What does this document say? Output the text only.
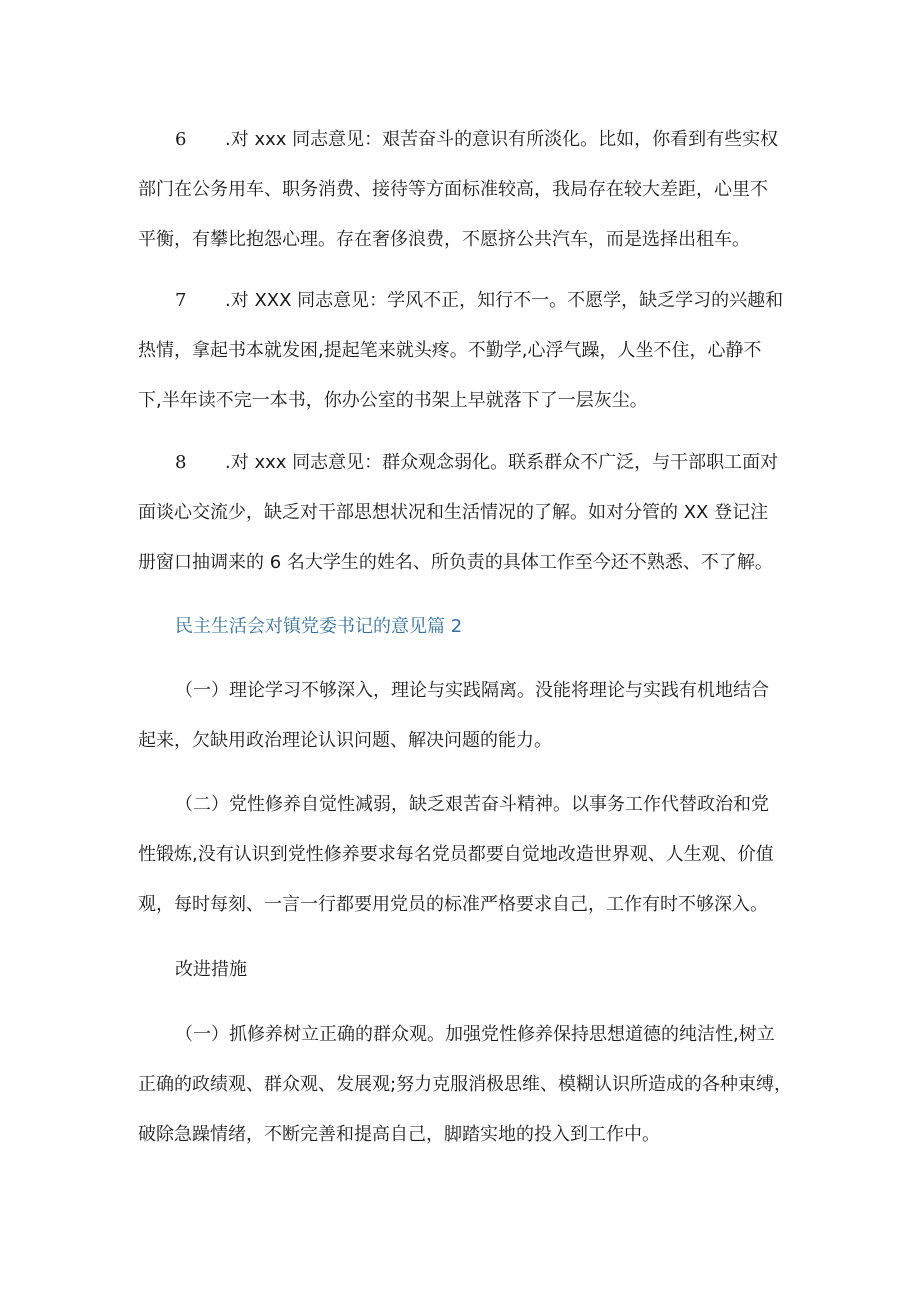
6 .对 xxx 同志意见：艰苦奋斗的意识有所淡化。比如，你看到有些实权
部门在公务用车、职务消费、接待等方面标准较高，我局存在较大差距，心里不
平衡，有攀比抱怨心理。存在奢侈浪费，不愿挤公共汽车，而是选择出租车。
7 .对 XXX 同志意见：学风不正，知行不一。不愿学，缺乏学习的兴趣和
热情，拿起书本就发困,提起笔来就头疼。不勤学,心浮气躁，人坐不住，心静不
下,半年读不完一本书，你办公室的书架上早就落下了一层灰尘。
8 .对 xxx 同志意见：群众观念弱化。联系群众不广泛，与干部职工面对
面谈心交流少，缺乏对干部思想状况和生活情况的了解。如对分管的 XX 登记注
册窗口抽调来的 6 名大学生的姓名、所负责的具体工作至今还不熟悉、不了解。

民主生活会对镇党委书记的意见篇 2

（一）理论学习不够深入，理论与实践隔离。没能将理论与实践有机地结合
起来，欠缺用政治理论认识问题、解决问题的能力。
（二）党性修养自觉性减弱，缺乏艰苦奋斗精神。以事务工作代替政治和党
性锻炼,没有认识到党性修养要求每名党员都要自觉地改造世界观、人生观、价值
观，每时每刻、一言一行都要用党员的标准严格要求自己，工作有时不够深入。

改进措施

（一）抓修养树立正确的群众观。加强党性修养保持思想道德的纯洁性,树立
正确的政绩观、群众观、发展观;努力克服消极思维、模糊认识所造成的各种束缚，
破除急躁情绪，不断完善和提高自己，脚踏实地的投入到工作中。
